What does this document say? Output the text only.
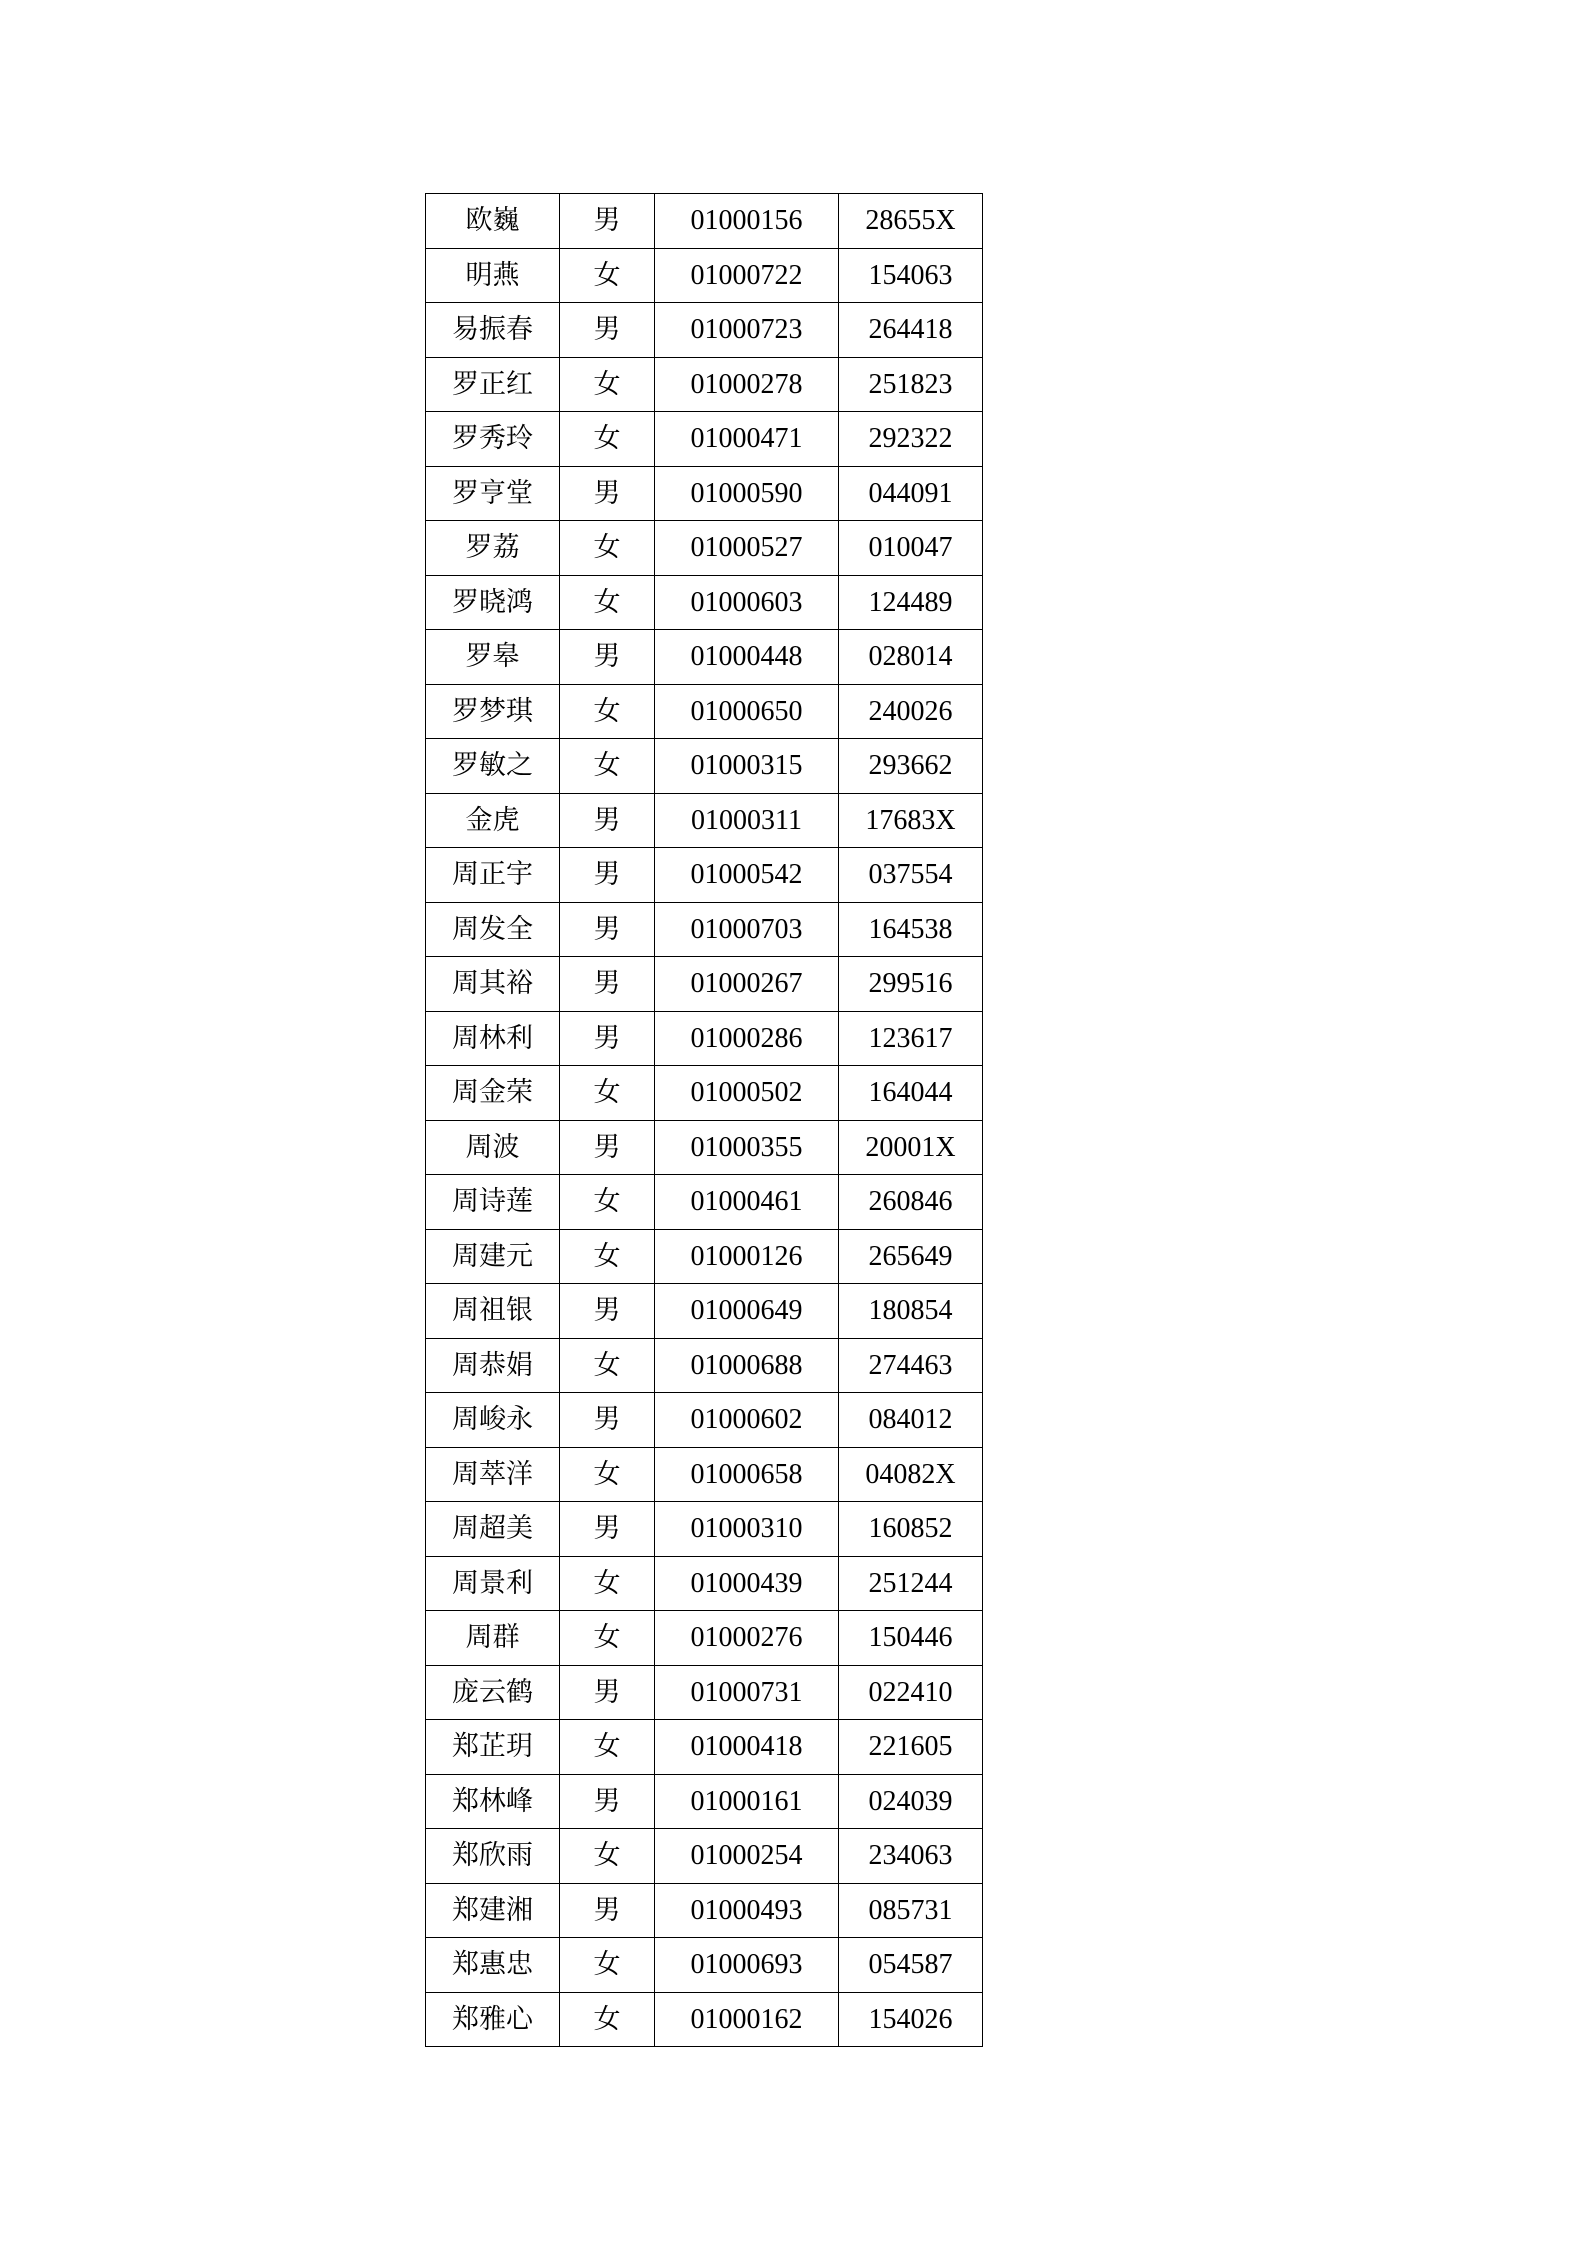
欧巍	男	01000156	28655X
明燕	女	01000722	154063
易振春	男	01000723	264418
罗正红	女	01000278	251823
罗秀玲	女	01000471	292322
罗亨堂	男	01000590	044091
罗荔	女	01000527	010047
罗晓鸿	女	01000603	124489
罗皋	男	01000448	028014
罗梦琪	女	01000650	240026
罗敏之	女	01000315	293662
金虎	男	01000311	17683X
周正宇	男	01000542	037554
周发全	男	01000703	164538
周其裕	男	01000267	299516
周林利	男	01000286	123617
周金荣	女	01000502	164044
周波	男	01000355	20001X
周诗莲	女	01000461	260846
周建元	女	01000126	265649
周祖银	男	01000649	180854
周恭娟	女	01000688	274463
周峻永	男	01000602	084012
周萃洋	女	01000658	04082X
周超美	男	01000310	160852
周景利	女	01000439	251244
周群	女	01000276	150446
庞云鹤	男	01000731	022410
郑芷玥	女	01000418	221605
郑林峰	男	01000161	024039
郑欣雨	女	01000254	234063
郑建湘	男	01000493	085731
郑惠忠	女	01000693	054587
郑雅心	女	01000162	154026
